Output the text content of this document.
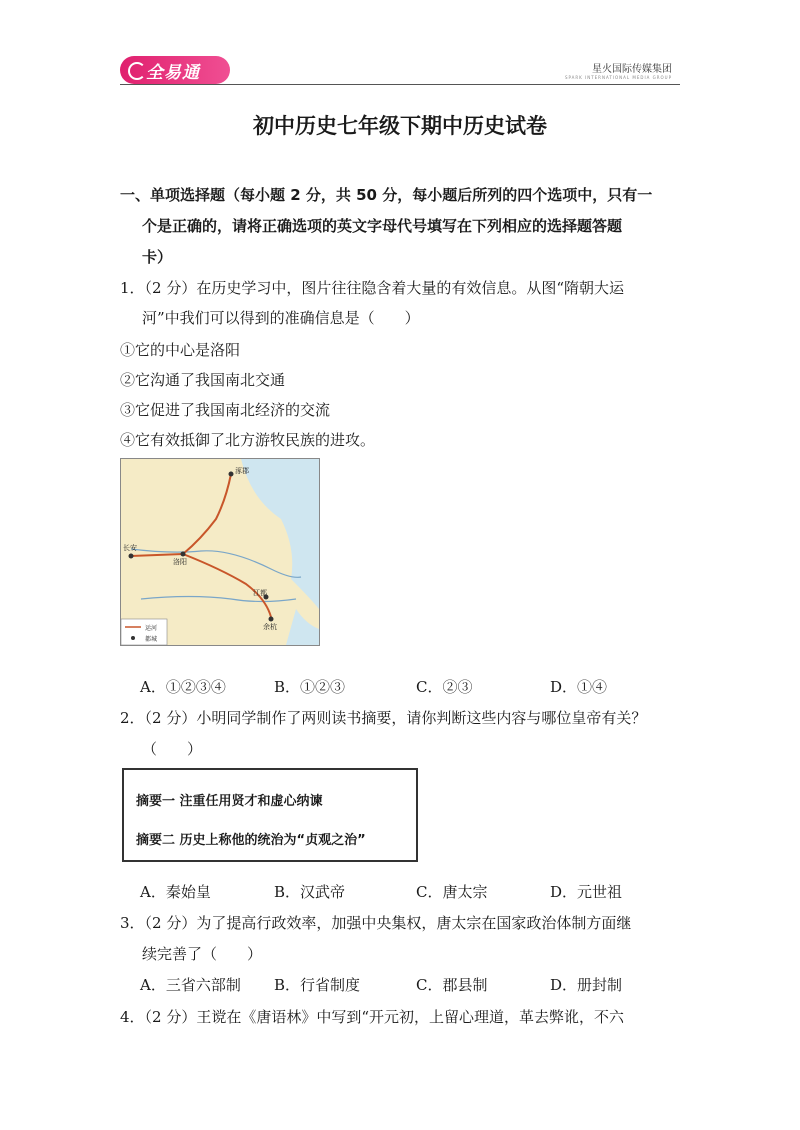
全易通	星火国际传媒集团
SPARK INTERNATIONAL MEDIA GROUP
初中历史七年级下期中历史试卷
一、单项选择题（每小题 2 分，共 50 分，每小题后所列的四个选项中，只有一
个是正确的，请将正确选项的英文字母代号填写在下列相应的选择题答题
卡）
1．（2 分）在历史学习中，图片往往隐含着大量的有效信息。从图“隋朝大运
河”中我们可以得到的准确信息是（　　）
①它的中心是洛阳
②它沟通了我国南北交通
③它促进了我国南北经济的交流
④它有效抵御了北方游牧民族的进攻。
涿郡
长安
洛阳
江都
余杭
运河
都城
A．①②③④	B．①②③	C．②③	D．①④
2．（2 分）小明同学制作了两则读书摘要，请你判断这些内容与哪位皇帝有关？
（　　）
摘要一 注重任用贤才和虚心纳谏
摘要二 历史上称他的统治为“贞观之治”
A．秦始皇	B．汉武帝	C．唐太宗	D．元世祖
3．（2 分）为了提高行政效率，加强中央集权，唐太宗在国家政治体制方面继
续完善了（　　）
A．三省六部制 B．行省制度	C．郡县制	D．册封制
4．（2 分）王谠在《唐语林》中写到“开元初，上留心理道，革去弊讹，不六
